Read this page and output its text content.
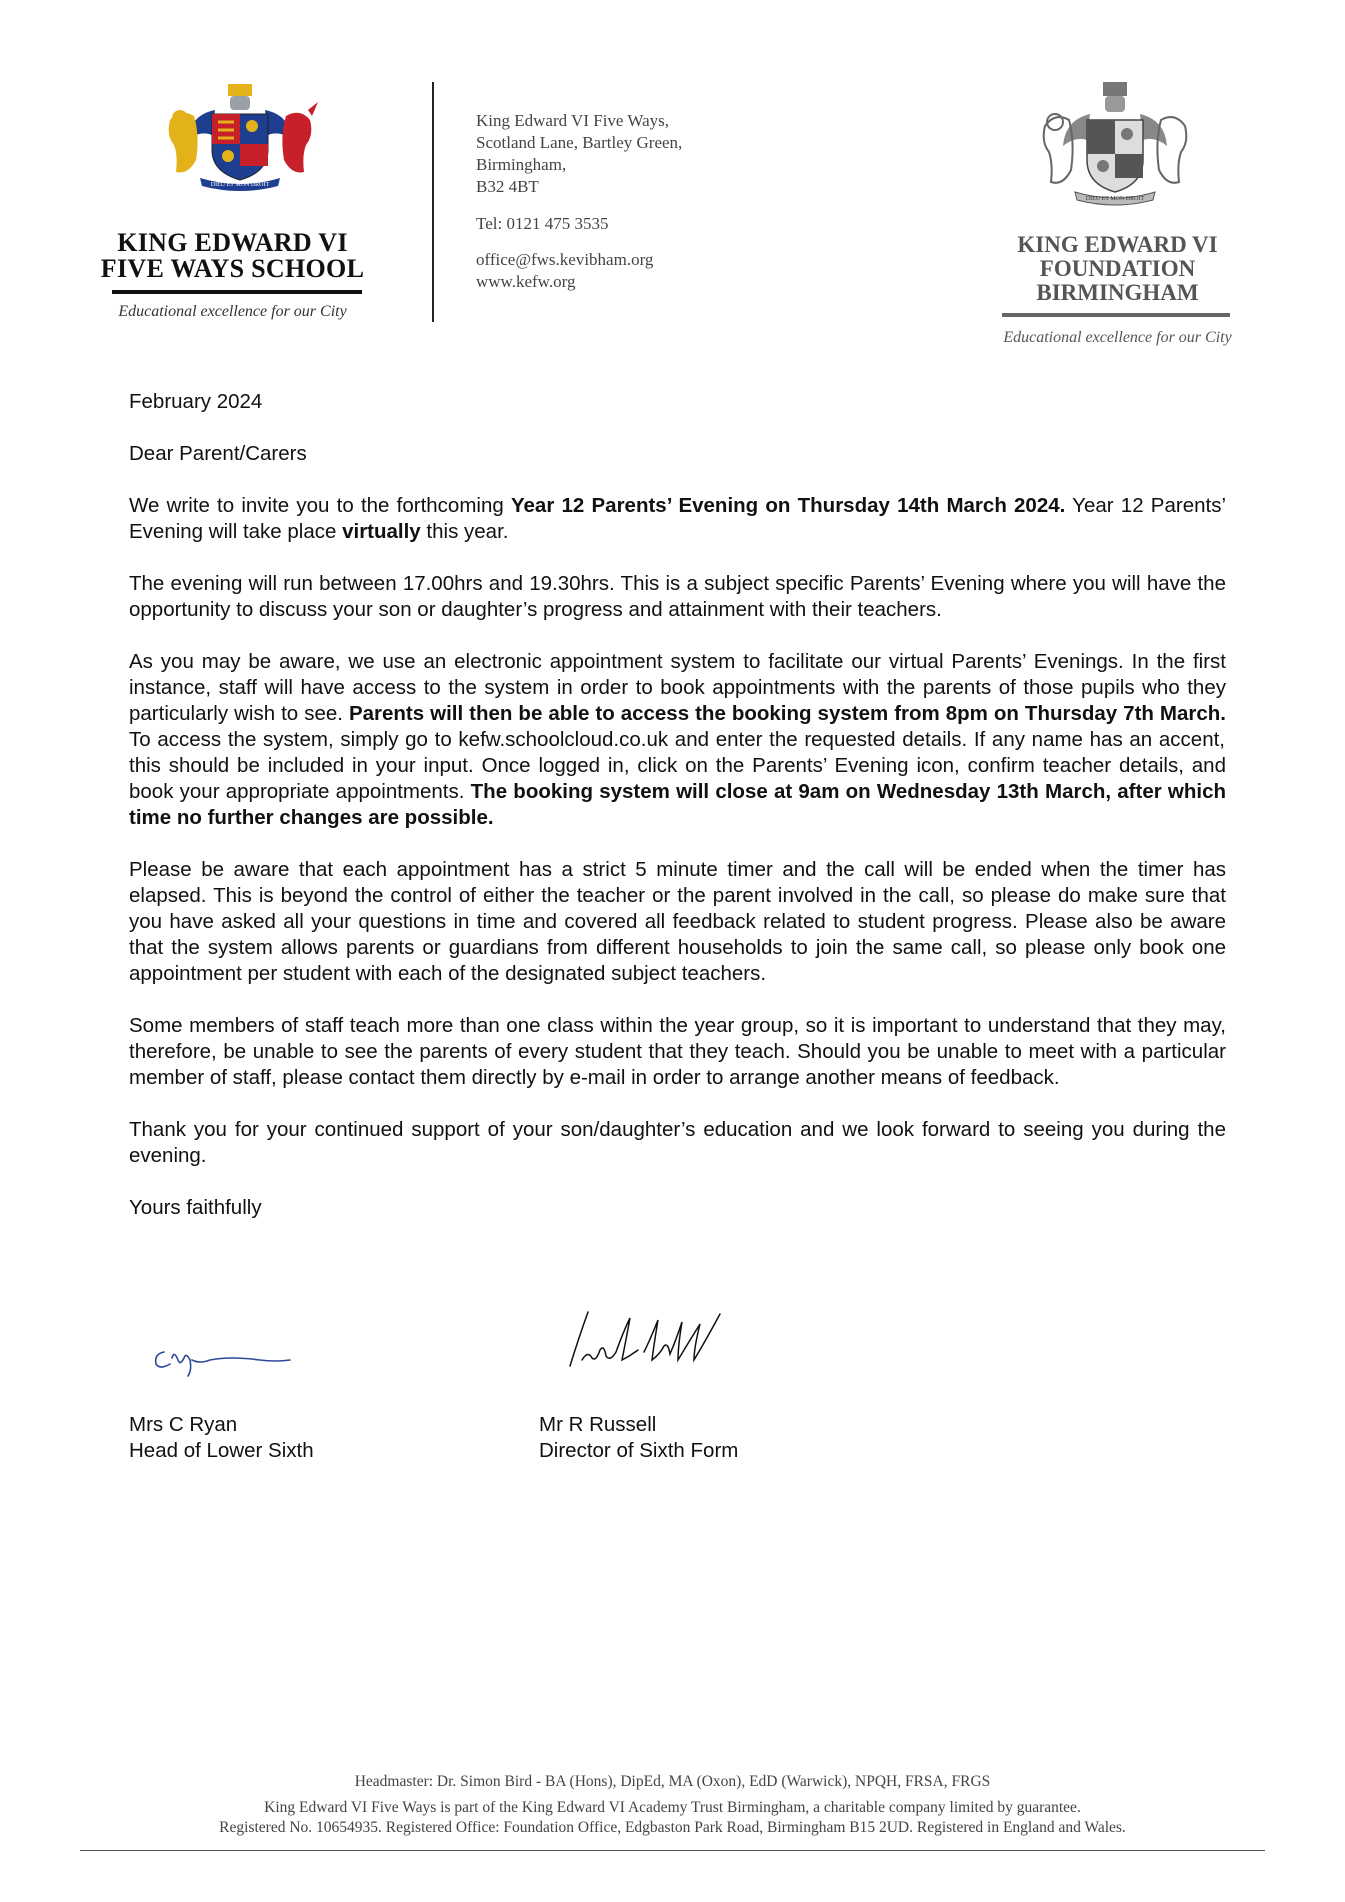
DIEU ET MON DROIT
KING EDWARD VI
FIVE WAYS SCHOOL
Educational excellence for our City
King Edward VI Five Ways,
Scotland Lane, Bartley Green,
Birmingham,
B32 4BT
Tel: 0121 475 3535
office@fws.kevibham.org
www.kefw.org
DIEU ET MON DROIT
KING EDWARD VI
FOUNDATION
BIRMINGHAM
Educational excellence for our City

February 2024

Dear Parent/Carers

We write to invite you to the forthcoming Year 12 Parents’ Evening on Thursday 14th March 2024. Year 12 Parents’ Evening will take place virtually this year.

The evening will run between 17.00hrs and 19.30hrs. This is a subject specific Parents’ Evening where you will have the opportunity to discuss your son or daughter’s progress and attainment with their teachers.

As you may be aware, we use an electronic appointment system to facilitate our virtual Parents’ Evenings. In the first instance, staff will have access to the system in order to book appointments with the parents of those pupils who they particularly wish to see. Parents will then be able to access the booking system from 8pm on Thursday 7th March. To access the system, simply go to kefw.schoolcloud.co.uk and enter the requested details. If any name has an accent, this should be included in your input. Once logged in, click on the Parents’ Evening icon, confirm teacher details, and book your appropriate appointments. The booking system will close at 9am on Wednesday 13th March, after which time no further changes are possible.

Please be aware that each appointment has a strict 5 minute timer and the call will be ended when the timer has elapsed. This is beyond the control of either the teacher or the parent involved in the call, so please do make sure that you have asked all your questions in time and covered all feedback related to student progress. Please also be aware that the system allows parents or guardians from different households to join the same call, so please only book one appointment per student with each of the designated subject teachers.

Some members of staff teach more than one class within the year group, so it is important to understand that they may, therefore, be unable to see the parents of every student that they teach. Should you be unable to meet with a particular member of staff, please contact them directly by e-mail in order to arrange another means of feedback.

Thank you for your continued support of your son/daughter’s education and we look forward to seeing you during the evening.

Yours faithfully

Mrs C Ryan
Head of Lower Sixth
Mr R Russell
Director of Sixth Form
Headmaster: Dr. Simon Bird - BA (Hons), DipEd, MA (Oxon), EdD (Warwick), NPQH, FRSA, FRGS
King Edward VI Five Ways is part of the King Edward VI Academy Trust Birmingham, a charitable company limited by guarantee.
Registered No. 10654935. Registered Office: Foundation Office, Edgbaston Park Road, Birmingham B15 2UD. Registered in England and Wales.
